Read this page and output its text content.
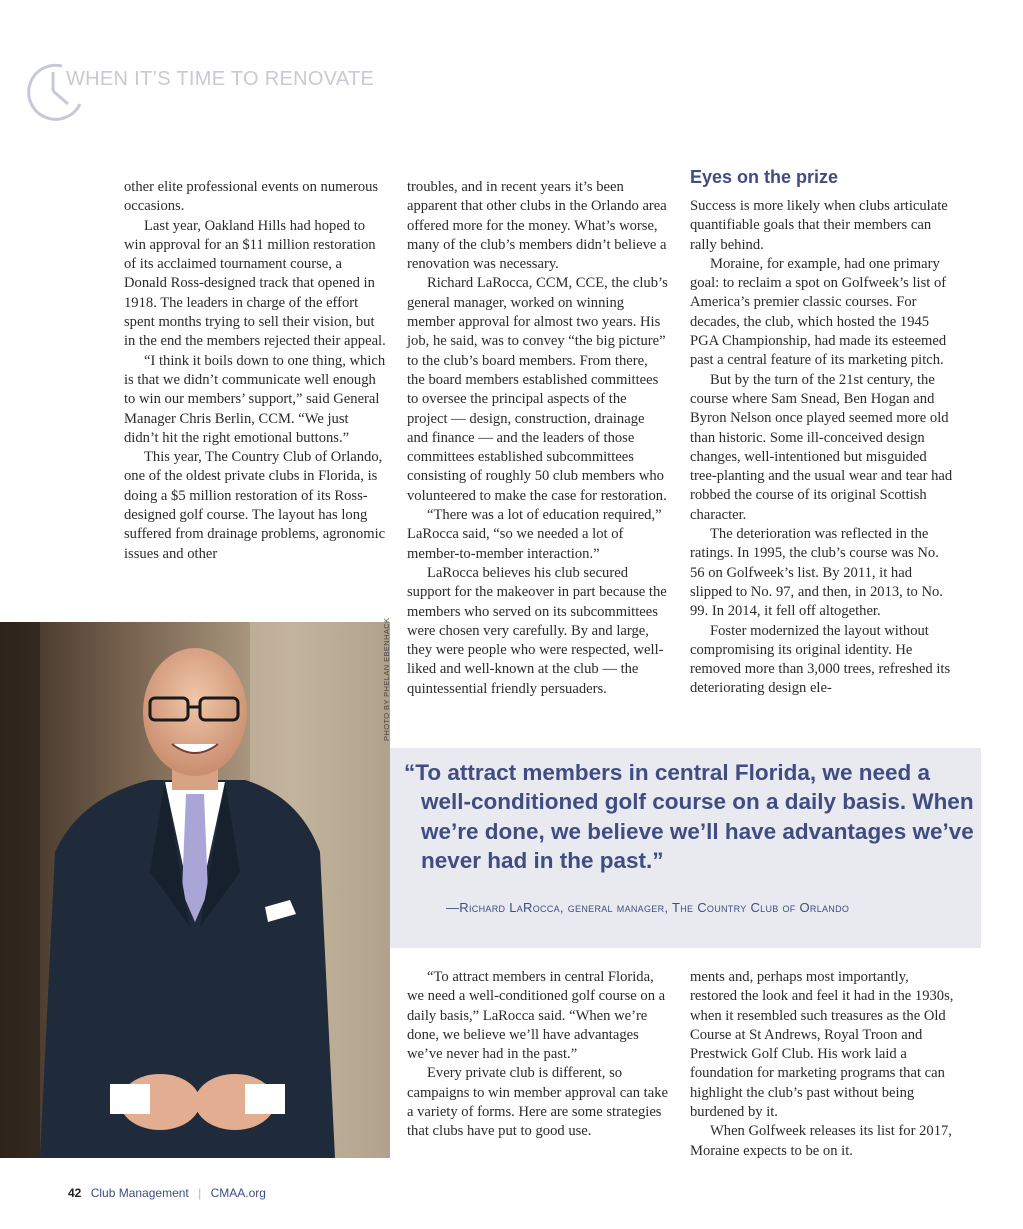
WHEN IT’S TIME TO RENOVATE

other elite professional events on numerous occasions.

Last year, Oakland Hills had hoped to win approval for an $11 million restoration of its acclaimed tournament course, a Donald Ross-designed track that opened in 1918. The leaders in charge of the effort spent months trying to sell their vision, but in the end the members rejected their appeal.

“I think it boils down to one thing, which is that we didn’t communicate well enough to win our members’ support,” said General Manager Chris Berlin, CCM. “We just didn’t hit the right emotional buttons.”

This year, The Country Club of Orlando, one of the oldest private clubs in Florida, is doing a $5 million restoration of its Ross-designed golf course. The layout has long suffered from drainage problems, agronomic issues and other

troubles, and in recent years it’s been apparent that other clubs in the Orlando area offered more for the money. What’s worse, many of the club’s members didn’t believe a renovation was necessary.

Richard LaRocca, CCM, CCE, the club’s general manager, worked on winning member approval for almost two years. His job, he said, was to convey “the big picture” to the club’s board members. From there, the board members established committees to oversee the principal aspects of the project — design, construction, drainage and finance — and the leaders of those committees established subcommittees consisting of roughly 50 club members who volunteered to make the case for restoration.

“There was a lot of education required,” LaRocca said, “so we needed a lot of member-to-member interaction.”

LaRocca believes his club secured support for the makeover in part because the members who served on its subcommittees were chosen very carefully. By and large, they were people who were respected, well-liked and well-known at the club — the quintessential friendly persuaders.

Eyes on the prize

Success is more likely when clubs articulate quantifiable goals that their members can rally behind.

Moraine, for example, had one primary goal: to reclaim a spot on Golfweek’s list of America’s premier classic courses. For decades, the club, which hosted the 1945 PGA Championship, had made its esteemed past a central feature of its marketing pitch.

But by the turn of the 21st century, the course where Sam Snead, Ben Hogan and Byron Nelson once played seemed more old than historic. Some ill-conceived design changes, well-intentioned but misguided tree-planting and the usual wear and tear had robbed the course of its original Scottish character.

The deterioration was reflected in the ratings. In 1995, the club’s course was No. 56 on Golfweek’s list. By 2011, it had slipped to No. 97, and then, in 2013, to No. 99. In 2014, it fell off altogether.

Foster modernized the layout without compromising its original identity. He removed more than 3,000 trees, refreshed its deteriorating design ele-

PHOTO BY PHELAN EBENHACK
“To attract members in central Florida, we need a well-conditioned golf course on a daily basis. When we’re done, we believe we’ll have advantages we’ve never had in the past.”
—Richard LaRocca, general manager, The Country Club of Orlando

“To attract members in central Florida, we need a well-conditioned golf course on a daily basis,” LaRocca said. “When we’re done, we believe we’ll have advantages we’ve never had in the past.”

Every private club is different, so campaigns to win member approval can take a variety of forms. Here are some strategies that clubs have put to good use.

ments and, perhaps most importantly, restored the look and feel it had in the 1930s, when it resembled such treasures as the Old Course at St Andrews, Royal Troon and Prestwick Golf Club. His work laid a foundation for marketing programs that can highlight the club’s past without being burdened by it.

When Golfweek releases its list for 2017, Moraine expects to be on it.

42 Club Management | CMAA.org
